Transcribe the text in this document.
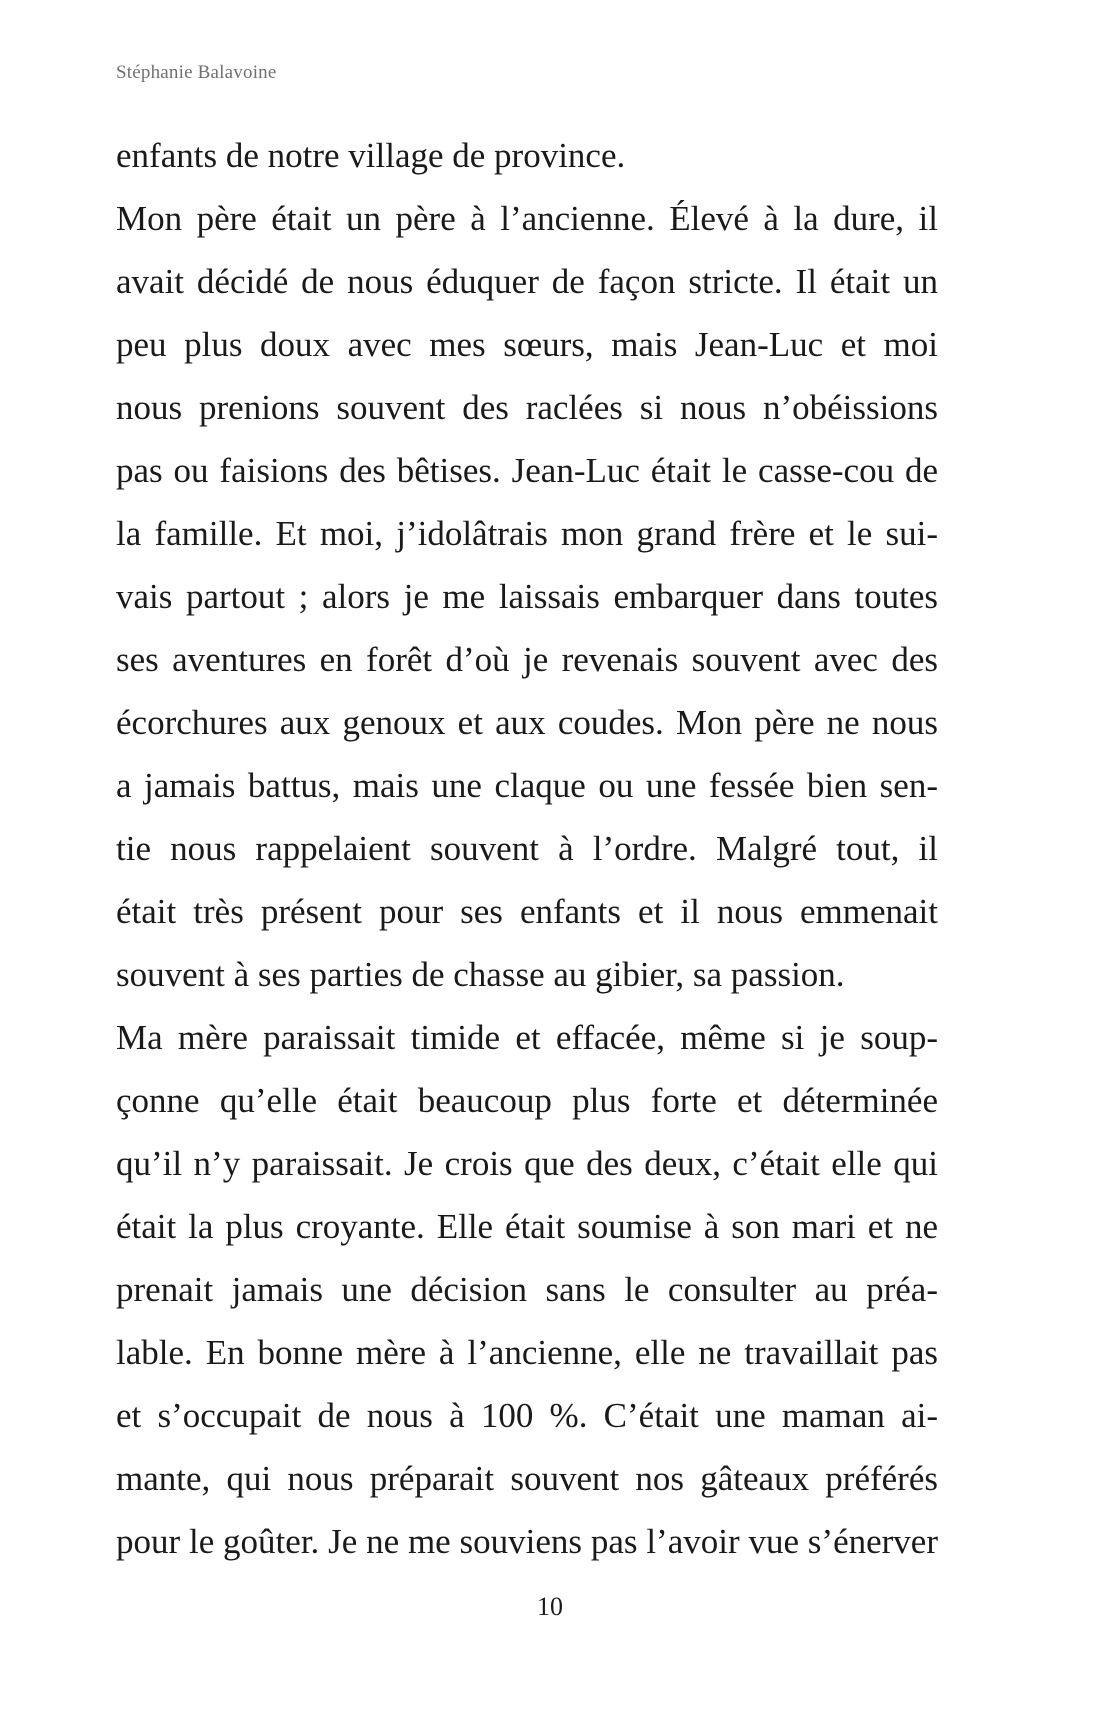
Stéphanie Balavoine
enfants de notre village de province.
Mon père était un père à l’ancienne. Élevé à la dure, il
avait décidé de nous éduquer de façon stricte. Il était un
peu plus doux avec mes sœurs, mais Jean-Luc et moi
nous prenions souvent des raclées si nous n’obéissions
pas ou faisions des bêtises. Jean-Luc était le casse-cou de
la famille. Et moi, j’idolâtrais mon grand frère et le sui-
vais partout ; alors je me laissais embarquer dans toutes
ses aventures en forêt d’où je revenais souvent avec des
écorchures aux genoux et aux coudes. Mon père ne nous
a jamais battus, mais une claque ou une fessée bien sen-
tie nous rappelaient souvent à l’ordre. Malgré tout, il
était très présent pour ses enfants et il nous emmenait
souvent à ses parties de chasse au gibier, sa passion.
Ma mère paraissait timide et effacée, même si je soup-
çonne qu’elle était beaucoup plus forte et déterminée
qu’il n’y paraissait. Je crois que des deux, c’était elle qui
était la plus croyante. Elle était soumise à son mari et ne
prenait jamais une décision sans le consulter au préa-
lable. En bonne mère à l’ancienne, elle ne travaillait pas
et s’occupait de nous à 100 %. C’était une maman ai-
mante, qui nous préparait souvent nos gâteaux préférés
pour le goûter. Je ne me souviens pas l’avoir vue s’énerver
10
